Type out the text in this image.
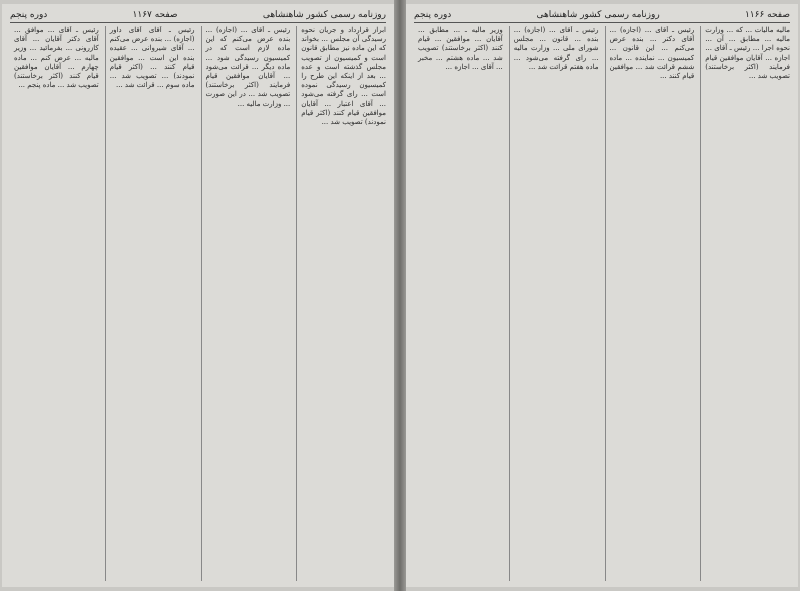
روزنامه رسمی کشور شاهنشاهی
صفحه ۱۱۶۷
دوره پنجم

ابراز قرارداد و جریان نحوه رسیدگی آن مجلس ... بخواند که این ماده نیز مطابق قانون است و کمیسیون از تصویب مجلس گذشته است و عده ... بعد از اینکه این طرح را کمیسیون رسیدگی نموده است ... رای گرفته می‌شود ... آقای اعتبار ... آقایان موافقین قیام کنند (اکثر قیام نمودند) تصویب شد ...

رئیس ـ آقای ... (اجازه) ... بنده عرض می‌کنم که این ماده لازم است که در کمیسیون رسیدگی شود ... ماده دیگر ... قرائت می‌شود ... آقایان موافقین قیام فرمایند (اکثر برخاستند) تصویب شد ... در این صورت ... وزارت مالیه ...

رئیس ـ آقای آقای داور (اجازه) ... بنده عرض می‌کنم ... آقای شیروانی ... عقیده بنده این است ... موافقین قیام کنند ... (اکثر قیام نمودند) ... تصویب شد ... ماده سوم ... قرائت شد ...

رئیس ـ آقای ... موافق ... آقای دکتر آقایان ... آقای کازرونی ... بفرمائید ... وزیر مالیه ... عرض کنم ... ماده چهارم ... آقایان موافقین قیام کنند (اکثر برخاستند) تصویب شد ... ماده پنجم ...

صفحه ۱۱۶۶
روزنامه رسمی کشور شاهنشاهی
دوره پنجم

مالیه مالیات ... که ... وزارت مالیه ... مطابق ... آن ... نحوه اجرا ... رئیس ـ آقای ... اجازه ... آقایان موافقین قیام فرمایند (اکثر برخاستند) تصویب شد ...

رئیس ـ آقای ... (اجازه) ... آقای دکتر ... بنده عرض می‌کنم ... این قانون ... کمیسیون ... نماینده ... ماده ششم قرائت شد ... موافقین قیام کنند ...

رئیس ـ آقای ... (اجازه) ... بنده ... قانون ... مجلس شورای ملی ... وزارت مالیه ... رای گرفته می‌شود ... ماده هفتم قرائت شد ...

وزیر مالیه ـ ... مطابق ... آقایان ... موافقین ... قیام کنند (اکثر برخاستند) تصویب شد ... ماده هشتم ... مخبر ... آقای ... اجازه ...
